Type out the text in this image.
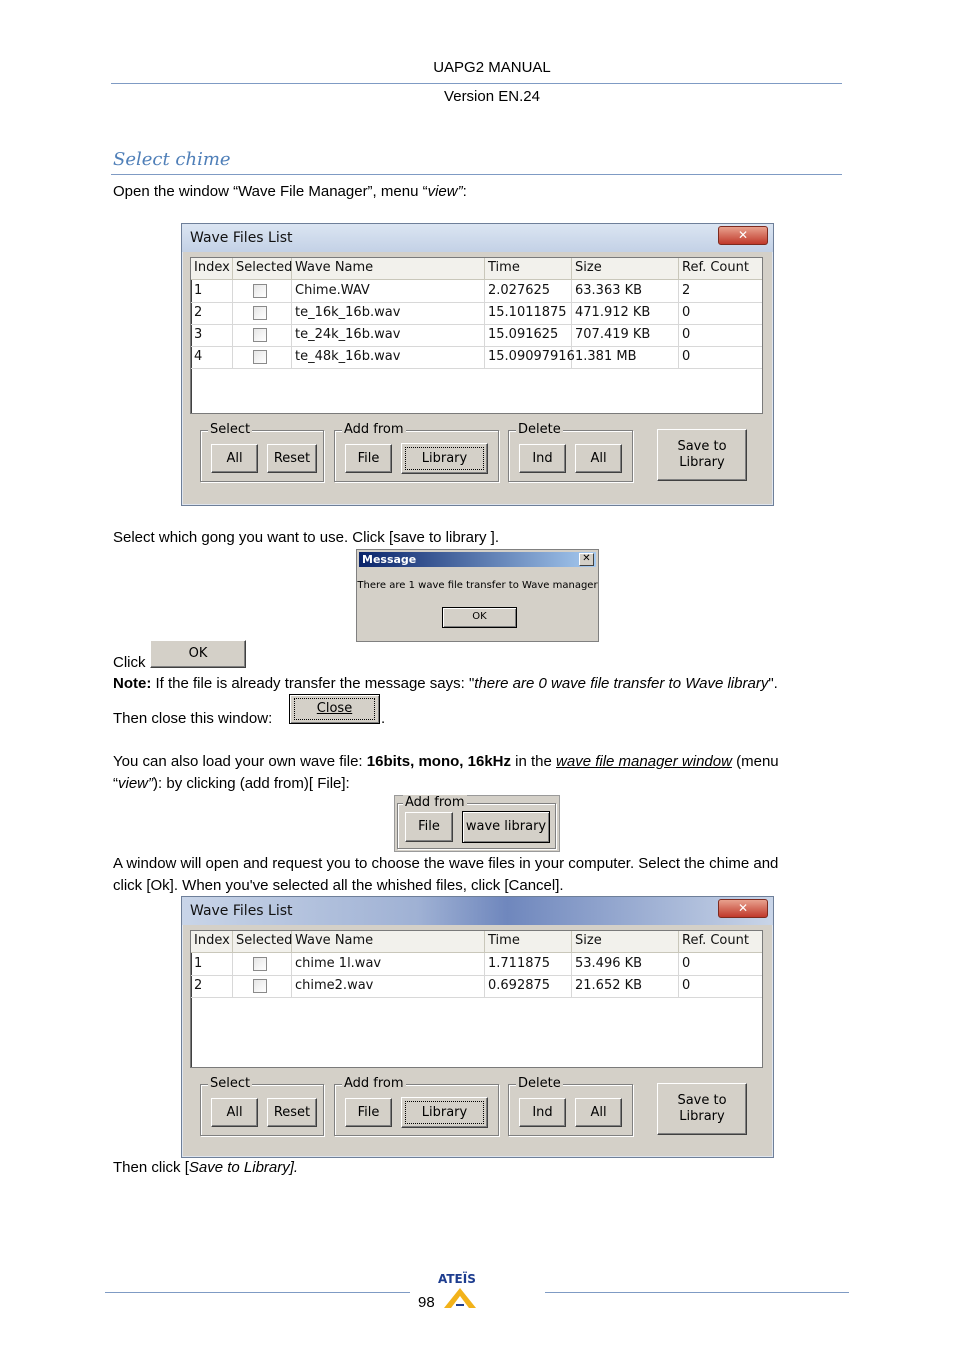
UAPG2 MANUAL
Version EN.24
Select chime
Open the window “Wave File Manager”, menu “view”:
Wave Files List	✕
Index Selected Wave Name	Time	Size	Ref. Count
1	Chime.WAV	2.027625	63.363 KB	2
2	te_16k_16b.wav	15.1011875 471.912 KB	0
3	te_24k_16b.wav	15.091625	707.419 KB	0
4	te_48k_16b.wav	15.09097916 1.381 MB	0
Select
All	Reset
Add from
File	Library
Delete
Ind	All
Save to
Library
Select which gong you want to use. Click [save to library ].
Message	✕
There are 1 wave file transfer to Wave manager
OK
Click
OK
Note: If the file is already transfer the message says: "there are 0 wave file transfer to Wave library".
Then close this window:
Close
.
You can also load your own wave file: 16bits, mono, 16kHz in the wave file manager window (menu
“view”): by clicking (add from)[ File]:
Add from
File	wave library
A window will open and request you to choose the wave files in your computer. Select the chime and
click [Ok]. When you've selected all the whished files, click [Cancel].
Wave Files List	✕
Index Selected Wave Name	Time	Size	Ref. Count
1	chime 1l.wav	1.711875	53.496 KB	0
2	chime2.wav	0.692875	21.652 KB	0
Select
All	Reset
Add from
File	Library
Delete
Ind	All
Save to
Library
Then click [Save to Library].
ATEÏS
98
